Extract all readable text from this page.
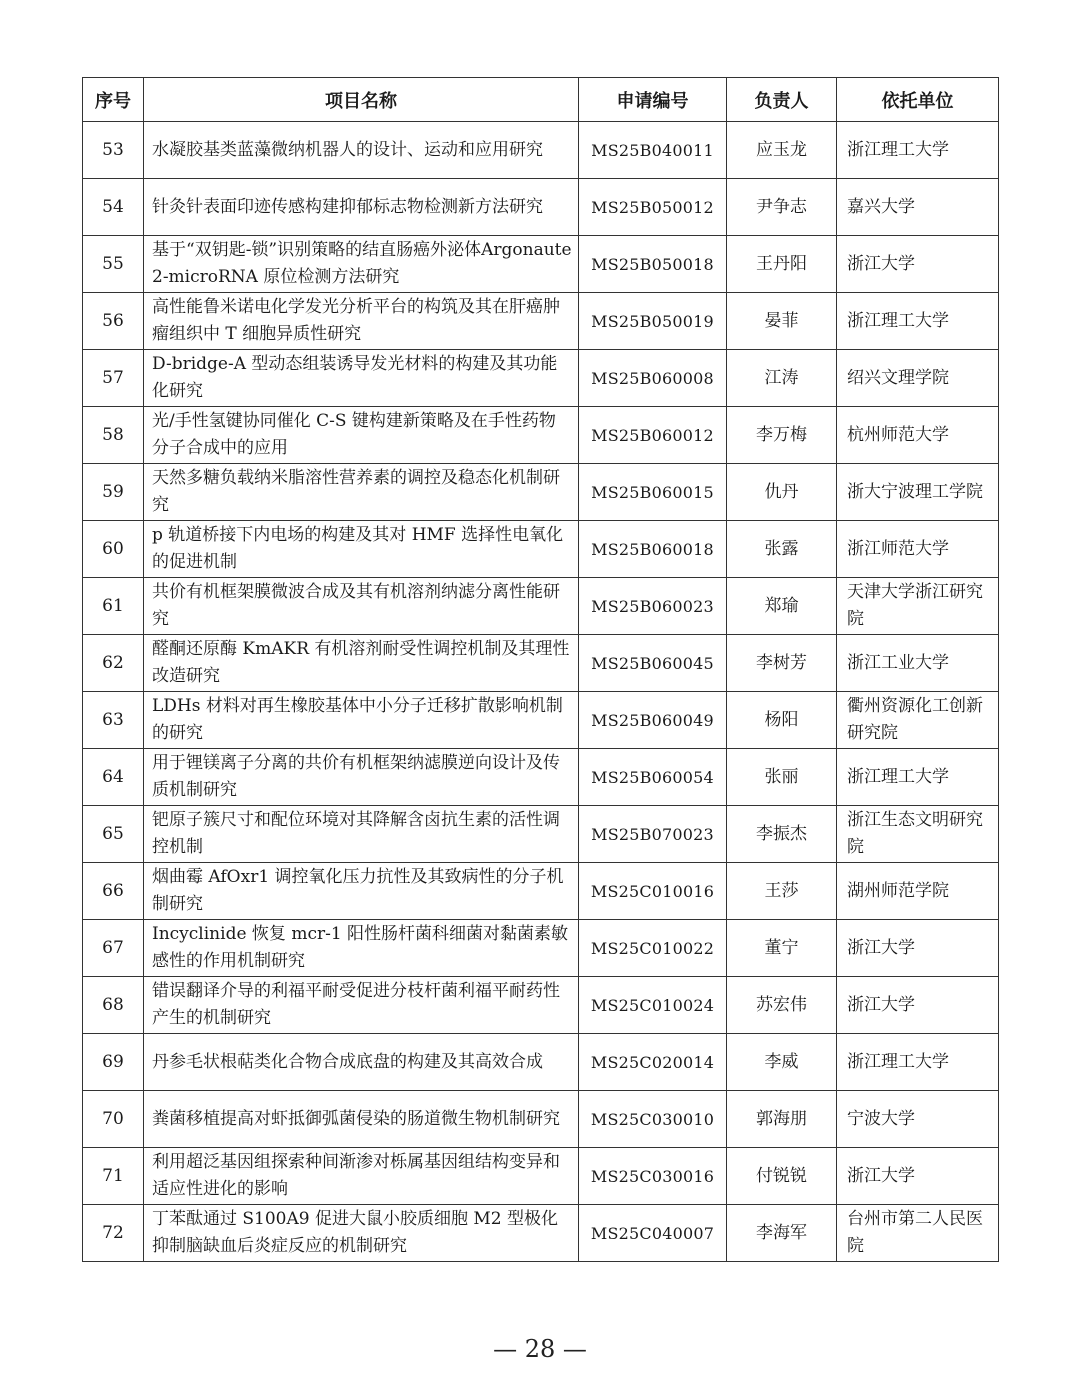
序号	项目名称	申请编号	负责人	依托单位
53	水凝胶基类蓝藻微纳机器人的设计、运动和应用研究	MS25B040011	应玉龙	浙江理工大学
54	针灸针表面印迹传感构建抑郁标志物检测新方法研究	MS25B050012	尹争志	嘉兴大学
55	基于“双钥匙-锁”识别策略的结直肠癌外泌体Argonaute 2-microRNA 原位检测方法研究	MS25B050018	王丹阳	浙江大学
56	高性能鲁米诺电化学发光分析平台的构筑及其在肝癌肿瘤组织中 T 细胞异质性研究	MS25B050019	晏菲	浙江理工大学
57	D-bridge-A 型动态组装诱导发光材料的构建及其功能化研究	MS25B060008	江涛	绍兴文理学院
58	光/手性氢键协同催化 C-S 键构建新策略及在手性药物分子合成中的应用	MS25B060012	李万梅	杭州师范大学
59	天然多糖负载纳米脂溶性营养素的调控及稳态化机制研究	MS25B060015	仇丹	浙大宁波理工学院
60	p 轨道桥接下内电场的构建及其对 HMF 选择性电氧化的促进机制	MS25B060018	张露	浙江师范大学
61	共价有机框架膜微波合成及其有机溶剂纳滤分离性能研究	MS25B060023	郑瑜	天津大学浙江研究院
62	醛酮还原酶 KmAKR 有机溶剂耐受性调控机制及其理性改造研究	MS25B060045	李树芳	浙江工业大学
63	LDHs 材料对再生橡胶基体中小分子迁移扩散影响机制的研究	MS25B060049	杨阳	衢州资源化工创新研究院
64	用于锂镁离子分离的共价有机框架纳滤膜逆向设计及传质机制研究	MS25B060054	张丽	浙江理工大学
65	钯原子簇尺寸和配位环境对其降解含卤抗生素的活性调控机制	MS25B070023	李振杰	浙江生态文明研究院
66	烟曲霉 AfOxr1 调控氧化压力抗性及其致病性的分子机制研究	MS25C010016	王莎	湖州师范学院
67	Incyclinide 恢复 mcr-1 阳性肠杆菌科细菌对黏菌素敏感性的作用机制研究	MS25C010022	董宁	浙江大学
68	错误翻译介导的利福平耐受促进分枝杆菌利福平耐药性产生的机制研究	MS25C010024	苏宏伟	浙江大学
69	丹参毛状根萜类化合物合成底盘的构建及其高效合成	MS25C020014	李威	浙江理工大学
70	粪菌移植提高对虾抵御弧菌侵染的肠道微生物机制研究	MS25C030010	郭海朋	宁波大学
71	利用超泛基因组探索种间渐渗对栎属基因组结构变异和适应性进化的影响	MS25C030016	付锐锐	浙江大学
72	丁苯酞通过 S100A9 促进大鼠小胶质细胞 M2 型极化抑制脑缺血后炎症反应的机制研究	MS25C040007	李海军	台州市第二人民医院
— 28 —
